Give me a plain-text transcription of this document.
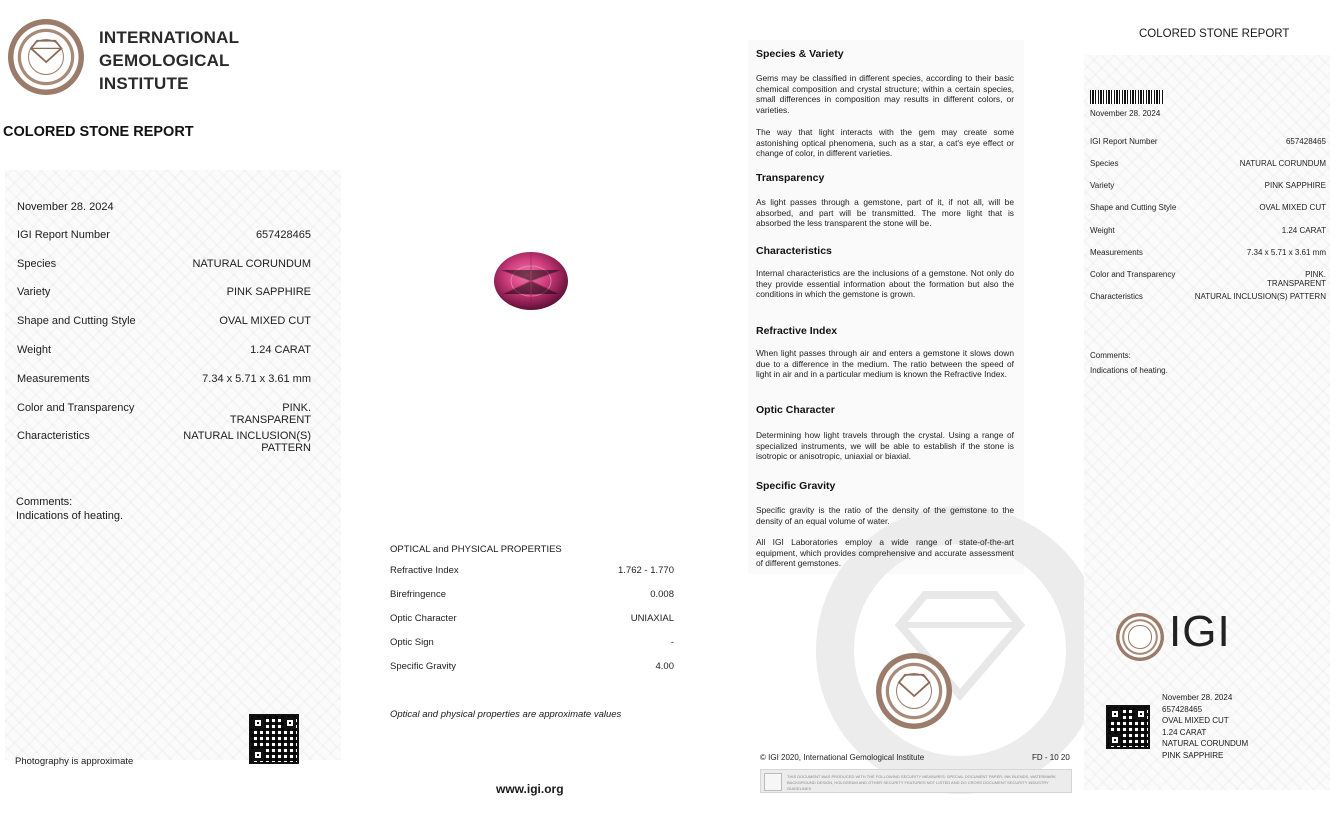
INTERNATIONAL
GEMOLOGICAL
INSTITUTE
COLORED STONE REPORT
November 28. 2024
IGI Report Number	657428465
Species	NATURAL CORUNDUM
Variety	PINK SAPPHIRE
Shape and Cutting Style	OVAL MIXED CUT
Weight	1.24 CARAT
Measurements	7.34 x 5.71 x 3.61 mm
Color and Transparency	PINK.
TRANSPARENT
Characteristics	NATURAL INCLUSION(S)
PATTERN
Comments:
Indications of heating.
Photography is approximate
OPTICAL and PHYSICAL PROPERTIES
Refractive Index	1.762 - 1.770
Birefringence	0.008
Optic Character	UNIAXIAL
Optic Sign	-
Specific Gravity	4.00
Optical and physical properties are approximate values
www.igi.org
Species & Variety
Gems may be classified in different species, according to their basic chemical composition and crystal structure; within a certain species, small differences in composition may results in different colors, or varieties.
The way that light interacts with the gem may create some astonishing optical phenomena, such as a star, a cat's eye effect or change of color, in different varieties.
Transparency
As light passes through a gemstone, part of it, if not all, will be absorbed, and part will be transmitted. The more light that is absorbed the less transparent the stone will be.
Characteristics
Internal characteristics are the inclusions of a gemstone. Not only do they provide essential information about the formation but also the conditions in which the gemstone is grown.
Refractive Index
When light passes through air and enters a gemstone it slows down due to a difference in the medium. The ratio between the speed of light in air and in a particular medium is known the Refractive Index.
Optic Character
Determining how light travels through the crystal. Using a range of specialized instruments, we will be able to establish if the stone is isotropic or anisotropic, uniaxial or biaxial.
Specific Gravity
Specific gravity is the ratio of the density of the gemstone to the density of an equal volume of water.
All IGI Laboratories employ a wide range of state-of-the-art equipment, which provides comprehensive and accurate assessment of different gemstones.
© IGI 2020, International Gemological Institute	FD - 10 20
THIS DOCUMENT WAS PRODUCED WITH THE FOLLOWING SECURITY MEASURES: SPECIAL DOCUMENT PAPER, INK BLENDS, WATERMARK BACKGROUND DESIGN, HOLOGRAM AND OTHER SECURITY FEATURES NOT LISTED AND DO CROSS DOCUMENT SECURITY INDUSTRY GUIDELINES
COLORED STONE REPORT
November 28. 2024
IGI Report Number	657428465
Species	NATURAL CORUNDUM
Variety	PINK SAPPHIRE
Shape and Cutting Style	OVAL MIXED CUT
Weight	1.24 CARAT
Measurements	7.34 x 5.71 x 3.61 mm
Color and Transparency	PINK.
TRANSPARENT
Characteristics	NATURAL INCLUSION(S) PATTERN
Comments:
Indications of heating.
IGI
November 28. 2024
657428465
OVAL MIXED CUT
1.24 CARAT
NATURAL CORUNDUM
PINK SAPPHIRE
